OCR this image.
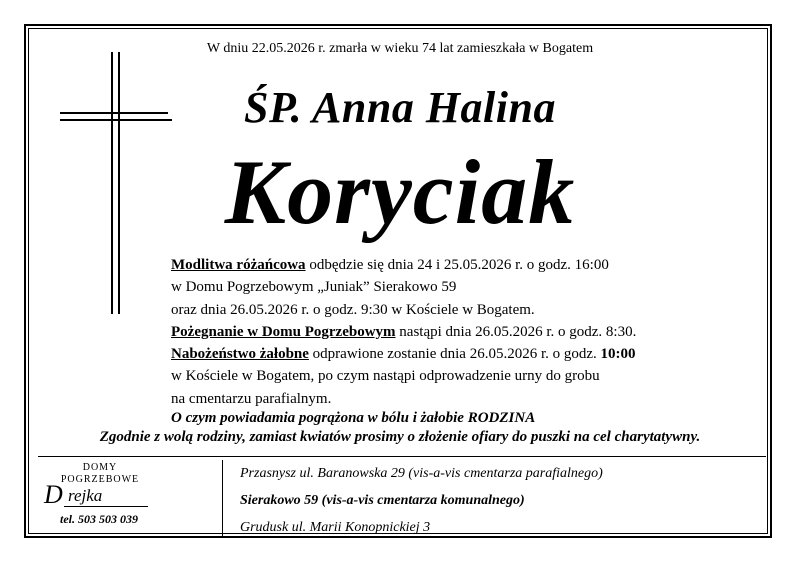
W dniu 22.05.2026 r. zmarła w wieku 74 lat zamieszkała w Bogatem
ŚP. Anna Halina
Koryciak
Modlitwa różańcowa odbędzie się dnia 24 i 25.05.2026 r. o godz. 16:00
w Domu Pogrzebowym „Juniak” Sierakowo 59
oraz dnia 26.05.2026 r. o godz. 9:30 w Kościele w Bogatem.
Pożegnanie w Domu Pogrzebowym nastąpi dnia 26.05.2026 r. o godz. 8:30.
Nabożeństwo żałobne odprawione zostanie dnia 26.05.2026 r. o godz. 10:00
w Kościele w Bogatem, po czym nastąpi odprowadzenie urny do grobu
na cmentarzu parafialnym.
O czym powiadamia pogrążona w bólu i żałobie RODZINA
Zgodnie z wolą rodziny, zamiast kwiatów prosimy o złożenie ofiary do puszki na cel charytatywny.
DOMY
POGRZEBOWE
D rejka
tel. 503 503 039
Przasnysz ul. Baranowska 29 (vis-a-vis cmentarza parafialnego)
Sierakowo 59 (vis-a-vis cmentarza komunalnego)
Grudusk ul. Marii Konopnickiej 3
